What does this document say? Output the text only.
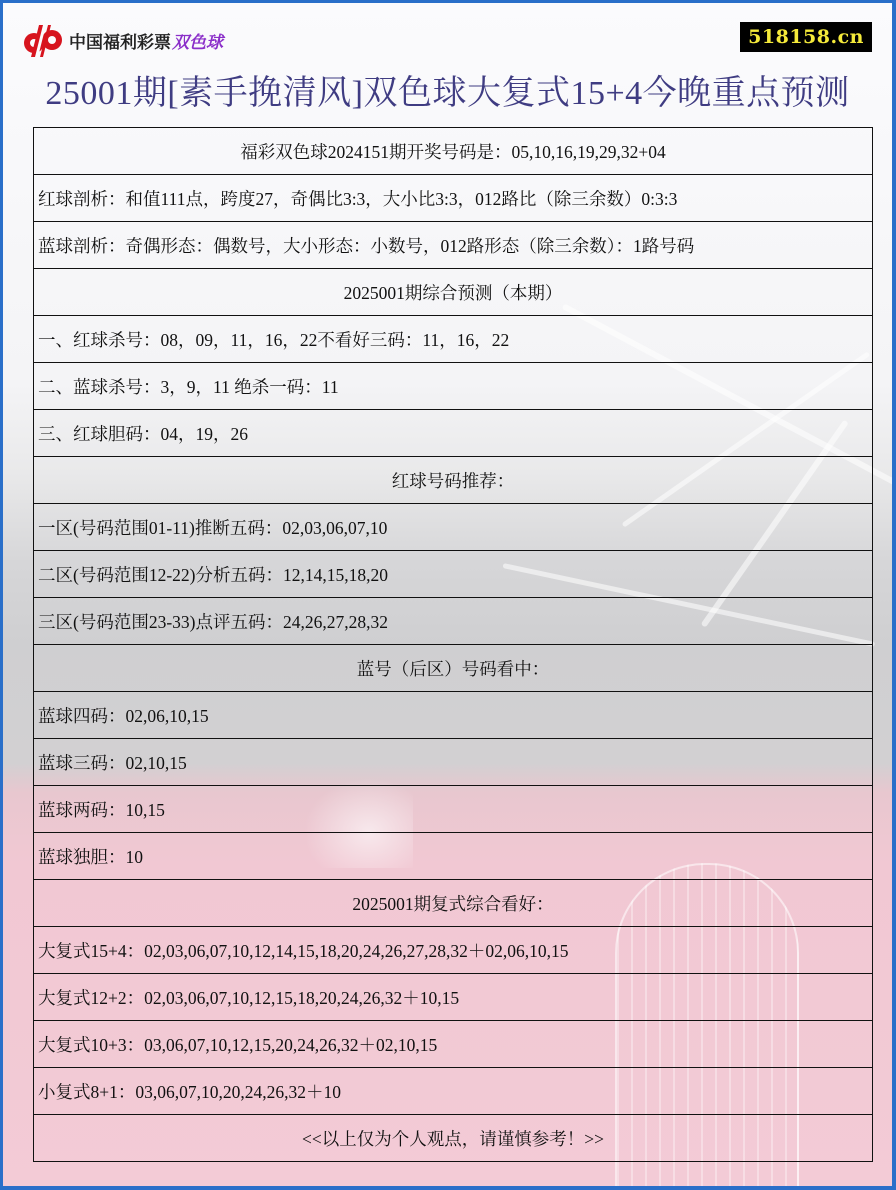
中国福利彩票 双色球	518158.cn
25001期[素手挽清风]双色球大复式15+4今晚重点预测
福彩双色球2024151期开奖号码是：05,10,16,19,29,32+04
红球剖析：和值111点，跨度27，奇偶比3:3，大小比3:3，012路比（除三余数）0:3:3
蓝球剖析：奇偶形态：偶数号，大小形态：小数号，012路形态（除三余数）：1路号码
2025001期综合预测（本期）
一、红球杀号：08，09，11，16，22不看好三码：11，16，22
二、蓝球杀号：3，9，11 绝杀一码：11
三、红球胆码：04，19，26
红球号码推荐：
一区(号码范围01-11)推断五码：02,03,06,07,10
二区(号码范围12-22)分析五码：12,14,15,18,20
三区(号码范围23-33)点评五码：24,26,27,28,32
蓝号（后区）号码看中：
蓝球四码：02,06,10,15
蓝球三码：02,10,15
蓝球两码：10,15
蓝球独胆：10
2025001期复式综合看好：
大复式15+4：02,03,06,07,10,12,14,15,18,20,24,26,27,28,32＋02,06,10,15
大复式12+2：02,03,06,07,10,12,15,18,20,24,26,32＋10,15
大复式10+3：03,06,07,10,12,15,20,24,26,32＋02,10,15
小复式8+1：03,06,07,10,20,24,26,32＋10
<<以上仅为个人观点，请谨慎参考！>>
